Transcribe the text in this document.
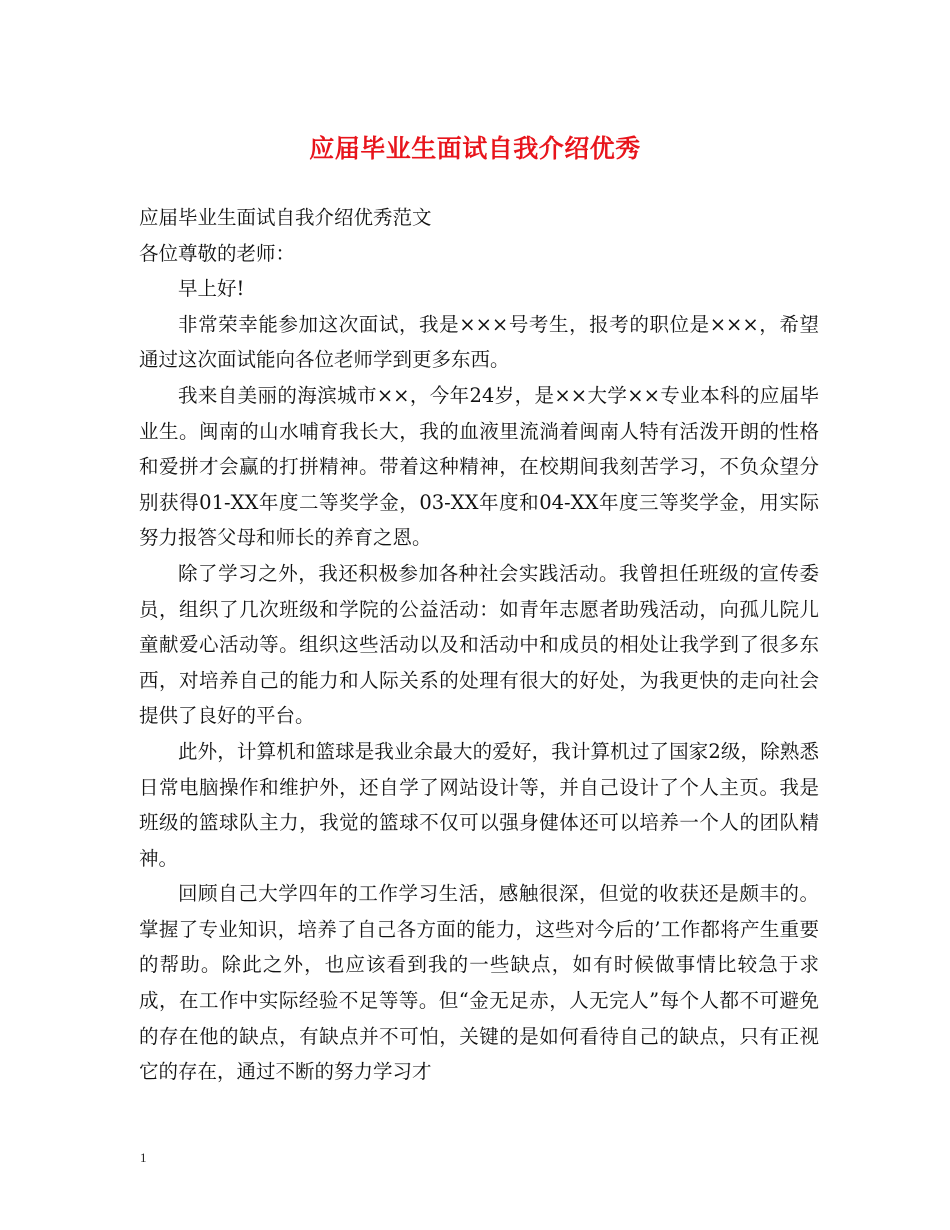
应届毕业生面试自我介绍优秀

应届毕业生面试自我介绍优秀范文

各位尊敬的老师：

早上好!

非常荣幸能参加这次面试，我是×××号考生，报考的职位是×××，希望通过这次面试能向各位老师学到更多东西。

我来自美丽的海滨城市××，今年24岁，是××大学××专业本科的应届毕业生。闽南的山水哺育我长大，我的血液里流淌着闽南人特有活泼开朗的性格和爱拼才会赢的打拼精神。带着这种精神，在校期间我刻苦学习，不负众望分别获得01-XX年度二等奖学金，03-XX年度和04-XX年度三等奖学金，用实际努力报答父母和师长的养育之恩。

除了学习之外，我还积极参加各种社会实践活动。我曾担任班级的宣传委员，组织了几次班级和学院的公益活动：如青年志愿者助残活动，向孤儿院儿童献爱心活动等。组织这些活动以及和活动中和成员的相处让我学到了很多东西，对培养自己的能力和人际关系的处理有很大的好处，为我更快的走向社会提供了良好的平台。

此外，计算机和篮球是我业余最大的爱好，我计算机过了国家2级，除熟悉日常电脑操作和维护外，还自学了网站设计等，并自己设计了个人主页。我是班级的篮球队主力，我觉的篮球不仅可以强身健体还可以培养一个人的团队精神。

回顾自己大学四年的工作学习生活，感触很深，但觉的收获还是颇丰的。掌握了专业知识，培养了自己各方面的能力，这些对今后的’工作都将产生重要的帮助。除此之外，也应该看到我的一些缺点，如有时候做事情比较急于求成，在工作中实际经验不足等等。但“金无足赤，人无完人”每个人都不可避免的存在他的缺点，有缺点并不可怕，关键的是如何看待自己的缺点，只有正视它的存在，通过不断的努力学习才

1
